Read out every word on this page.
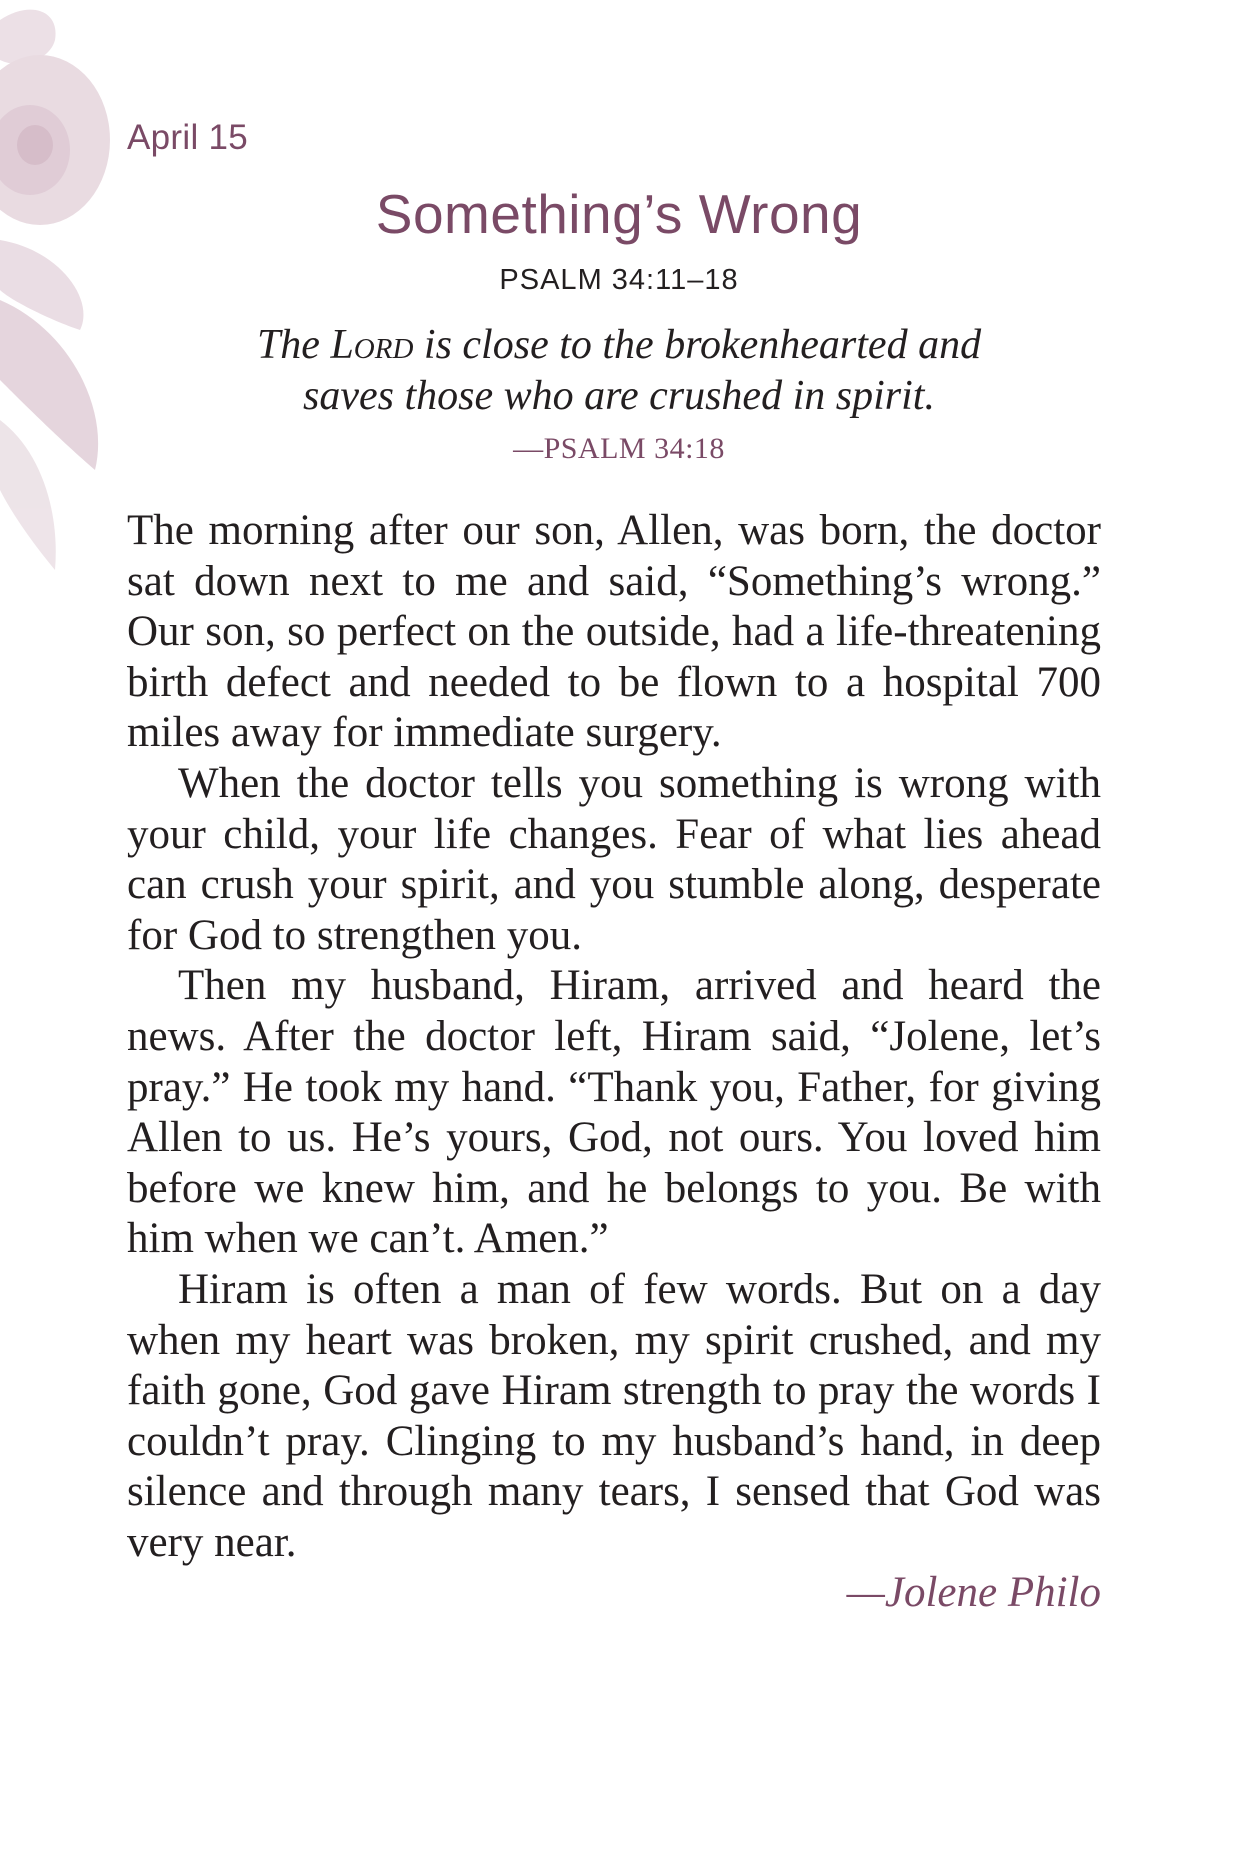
April 15
Something’s Wrong
PSALM 34:11–18
The Lord is close to the brokenhearted and
saves those who are crushed in spirit.
—PSALM 34:18

The morning after our son, Allen, was born, the doctor sat down next to me and said, “Something’s wrong.” Our son, so perfect on the outside, had a life-threatening birth defect and needed to be flown to a hospital 700 miles away for immediate surgery.

When the doctor tells you something is wrong with your child, your life changes. Fear of what lies ahead can crush your spirit, and you stumble along, desperate for God to strengthen you.

Then my husband, Hiram, arrived and heard the news. After the doctor left, Hiram said, “Jolene, let’s pray.” He took my hand. “Thank you, Father, for giving Allen to us. He’s yours, God, not ours. You loved him before we knew him, and he belongs to you. Be with him when we can’t. Amen.”

Hiram is often a man of few words. But on a day when my heart was broken, my spirit crushed, and my faith gone, God gave Hiram strength to pray the words I couldn’t pray. Clinging to my husband’s hand, in deep silence and through many tears, I sensed that God was very near.

—Jolene Philo
